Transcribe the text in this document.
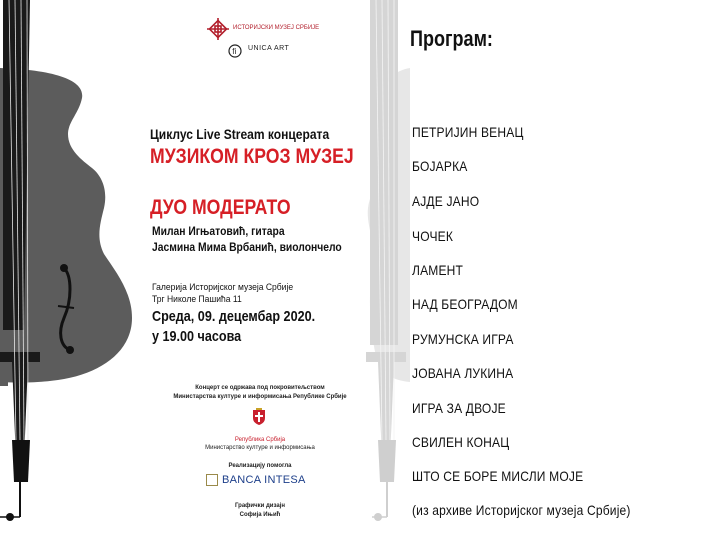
ИСТОРИЈСКИ МУЗЕЈ СРБИЈЕ
ﬁ UNICA ART
Циклус Live Stream концерата
МУЗИКОМ КРОЗ МУЗЕЈ
ДУО МОДЕРАТО
Милан Игњатовић, гитара
Јасмина Мима Врбанић, виолончело
Галерија Историјског музеја Србије
Трг Николе Пашића 11
Среда, 09. децембар 2020.
у 19.00 часова
Концерт се одржава под покровитељством
Министарства културе и информисања Републике Србије
Република Србија
Министарство културе и информисања
Реализацију помогла
BANCA INTESA
Графички дизајн
Софија Ињић
Програм:
ПЕТРИЈИН ВЕНАЦ
БОЈАРКА
АЈДЕ ЈАНО
ЧОЧЕК
ЛАМЕНТ
НАД БЕОГРАДОМ
РУМУНСКА ИГРА
ЈОВАНА ЛУКИНА
ИГРА ЗА ДВОЈЕ
СВИЛЕН КОНАЦ
ШТО СЕ БОРЕ МИСЛИ МОЈЕ
(из архиве Историјског музеја Србије)
